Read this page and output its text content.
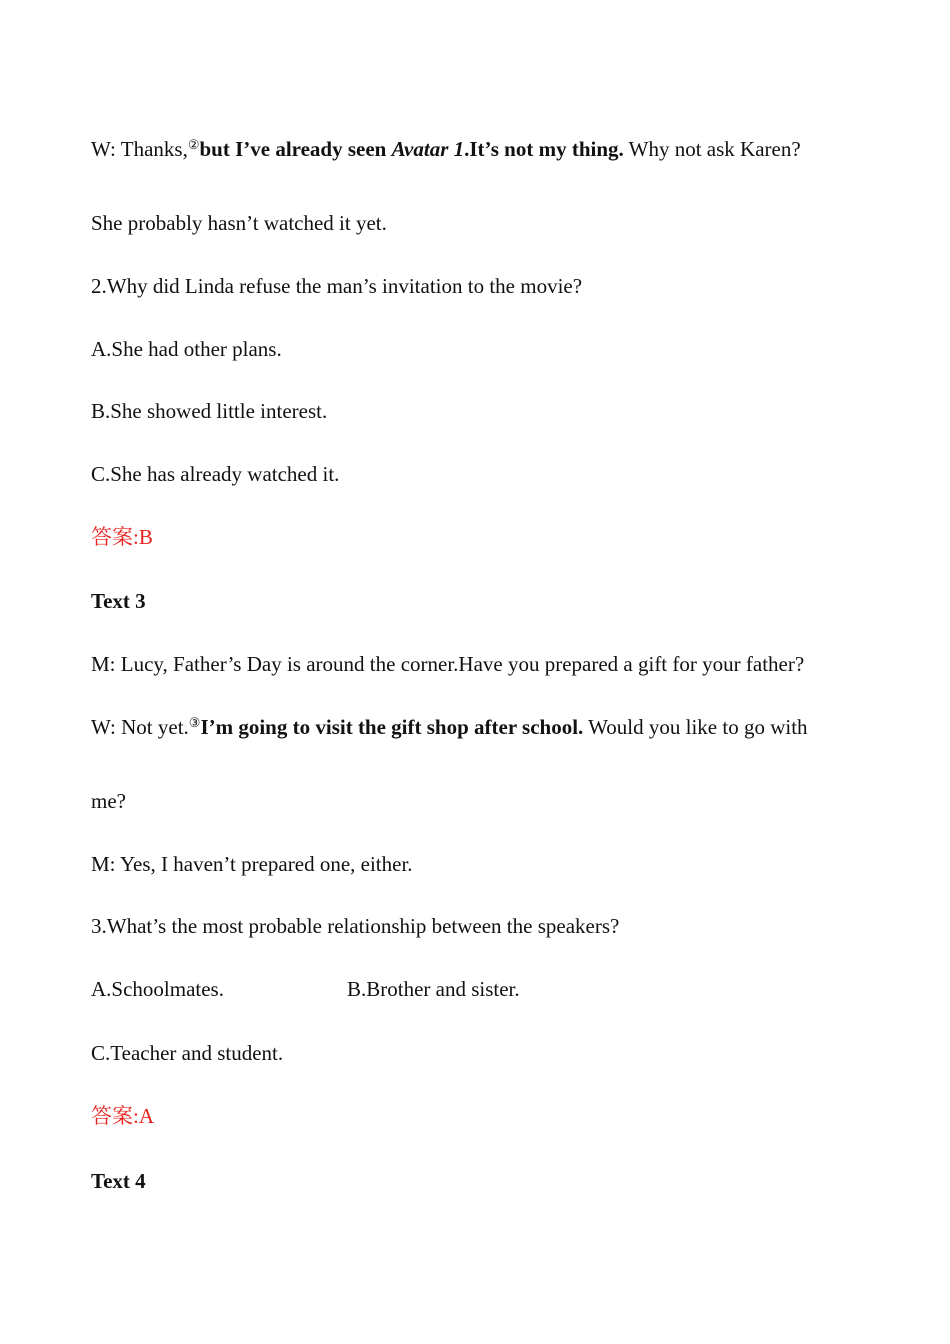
W: Thanks,②but I’ve already seen Avatar 1.It’s not my thing. Why not ask Karen?
She probably hasn’t watched it yet.
2.Why did Linda refuse the man’s invitation to the movie?
A.She had other plans.
B.She showed little interest.
C.She has already watched it.
答案:B
Text 3
M: Lucy, Father’s Day is around the corner.Have you prepared a gift for your father?
W: Not yet.③I’m going to visit the gift shop after school. Would you like to go with
me?
M: Yes, I haven’t prepared one, either.
3.What’s the most probable relationship between the speakers?
A.Schoolmates.	B.Brother and sister.
C.Teacher and student.
答案:A
Text 4
